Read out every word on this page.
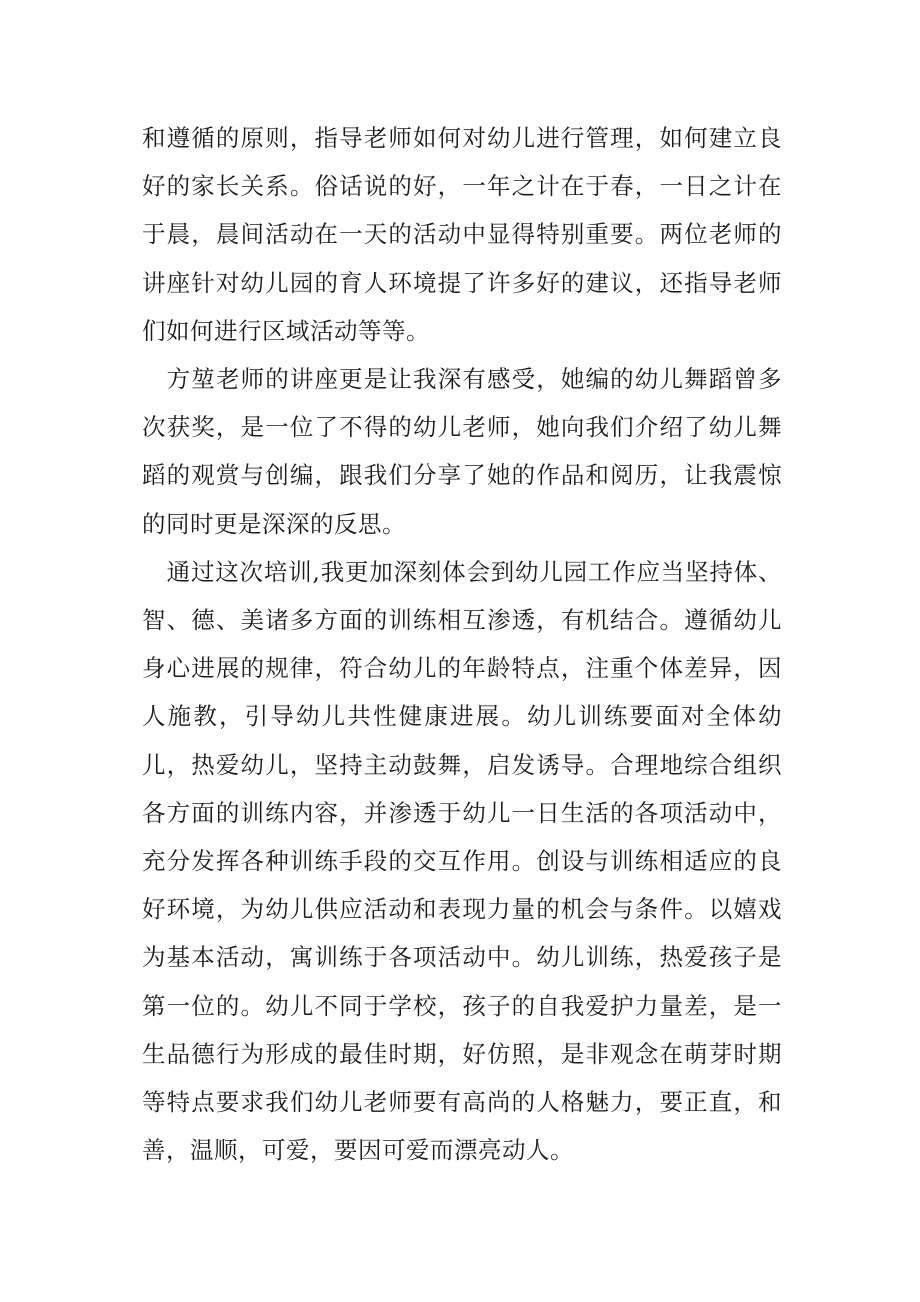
和遵循的原则，指导老师如何对幼儿进行管理，如何建立良好的家长关系。俗话说的好，一年之计在于春，一日之计在于晨，晨间活动在一天的活动中显得特别重要。两位老师的讲座针对幼儿园的育人环境提了许多好的建议，还指导老师们如何进行区域活动等等。

方堃老师的讲座更是让我深有感受，她编的幼儿舞蹈曾多次获奖，是一位了不得的幼儿老师，她向我们介绍了幼儿舞蹈的观赏与创编，跟我们分享了她的作品和阅历，让我震惊的同时更是深深的反思。

通过这次培训,我更加深刻体会到幼儿园工作应当坚持体、智、德、美诸多方面的训练相互渗透，有机结合。遵循幼儿身心进展的规律，符合幼儿的年龄特点，注重个体差异，因人施教，引导幼儿共性健康进展。幼儿训练要面对全体幼儿，热爱幼儿，坚持主动鼓舞，启发诱导。合理地综合组织各方面的训练内容，并渗透于幼儿一日生活的各项活动中，充分发挥各种训练手段的交互作用。创设与训练相适应的良好环境，为幼儿供应活动和表现力量的机会与条件。以嬉戏为基本活动，寓训练于各项活动中。幼儿训练，热爱孩子是第一位的。幼儿不同于学校，孩子的自我爱护力量差，是一生品德行为形成的最佳时期，好仿照，是非观念在萌芽时期等特点要求我们幼儿老师要有高尚的人格魅力，要正直，和善，温顺，可爱，要因可爱而漂亮动人。
